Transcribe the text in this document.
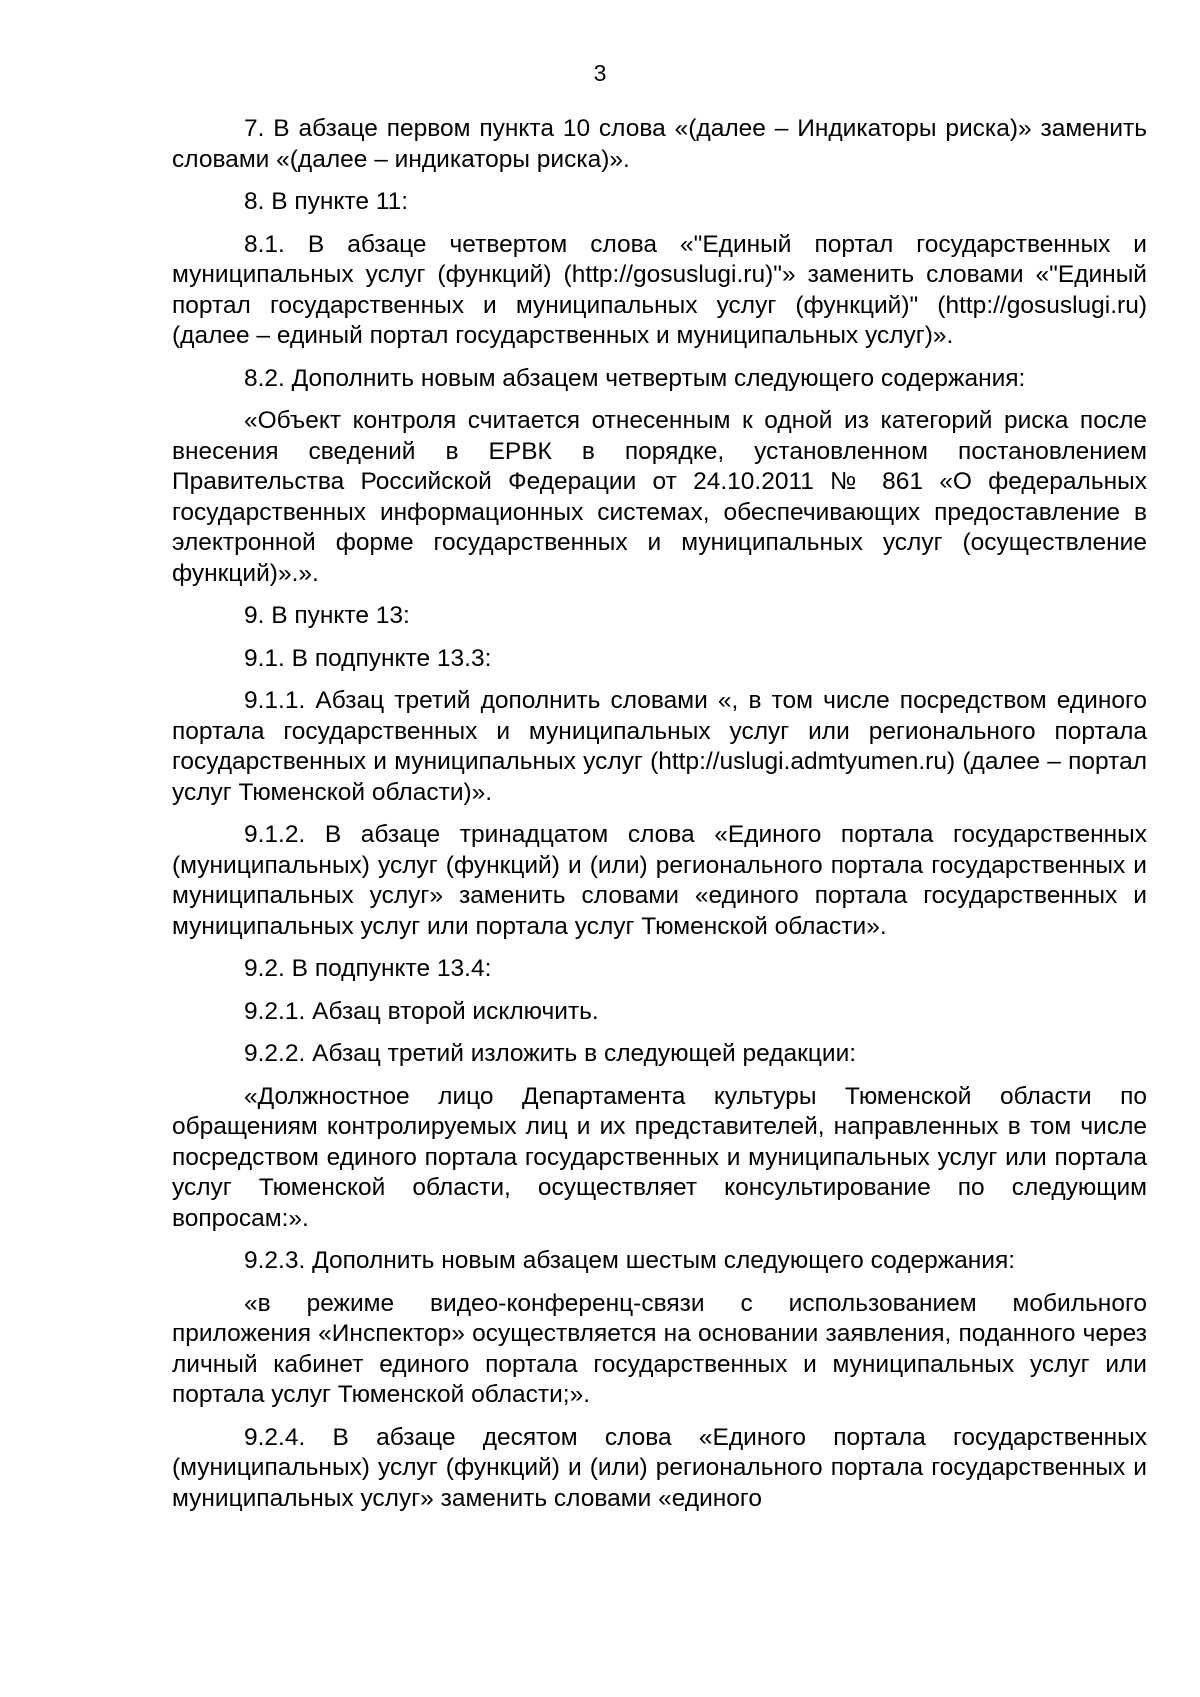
3

7. В абзаце первом пункта 10 слова «(далее – Индикаторы риска)» заменить словами «(далее – индикаторы риска)».

8. В пункте 11:

8.1. В абзаце четвертом слова «"Единый портал государственных и муниципальных услуг (функций) (http://gosuslugi.ru)"» заменить словами «"Единый портал государственных и муниципальных услуг (функций)" (http://gosuslugi.ru) (далее – единый портал государственных и муниципальных услуг)».

8.2. Дополнить новым абзацем четвертым следующего содержания:

«Объект контроля считается отнесенным к одной из категорий риска после внесения сведений в ЕРВК в порядке, установленном постановлением Правительства Российской Федерации от 24.10.2011 № 861 «О федеральных государственных информационных системах, обеспечивающих предоставление в электронной форме государственных и муниципальных услуг (осуществление функций)».».

9. В пункте 13:

9.1. В подпункте 13.3:

9.1.1. Абзац третий дополнить словами «, в том числе посредством единого портала государственных и муниципальных услуг или регионального портала государственных и муниципальных услуг (http://uslugi.admtyumen.ru) (далее – портал услуг Тюменской области)».

9.1.2. В абзаце тринадцатом слова «Единого портала государственных (муниципальных) услуг (функций) и (или) регионального портала государственных и муниципальных услуг» заменить словами «единого портала государственных и муниципальных услуг или портала услуг Тюменской области».

9.2. В подпункте 13.4:

9.2.1. Абзац второй исключить.

9.2.2. Абзац третий изложить в следующей редакции:

«Должностное лицо Департамента культуры Тюменской области по обращениям контролируемых лиц и их представителей, направленных в том числе посредством единого портала государственных и муниципальных услуг или портала услуг Тюменской области, осуществляет консультирование по следующим вопросам:».

9.2.3. Дополнить новым абзацем шестым следующего содержания:

«в режиме видео-конференц-связи с использованием мобильного приложения «Инспектор» осуществляется на основании заявления, поданного через личный кабинет единого портала государственных и муниципальных услуг или портала услуг Тюменской области;».

9.2.4. В абзаце десятом слова «Единого портала государственных (муниципальных) услуг (функций) и (или) регионального портала государственных и муниципальных услуг» заменить словами «единого
